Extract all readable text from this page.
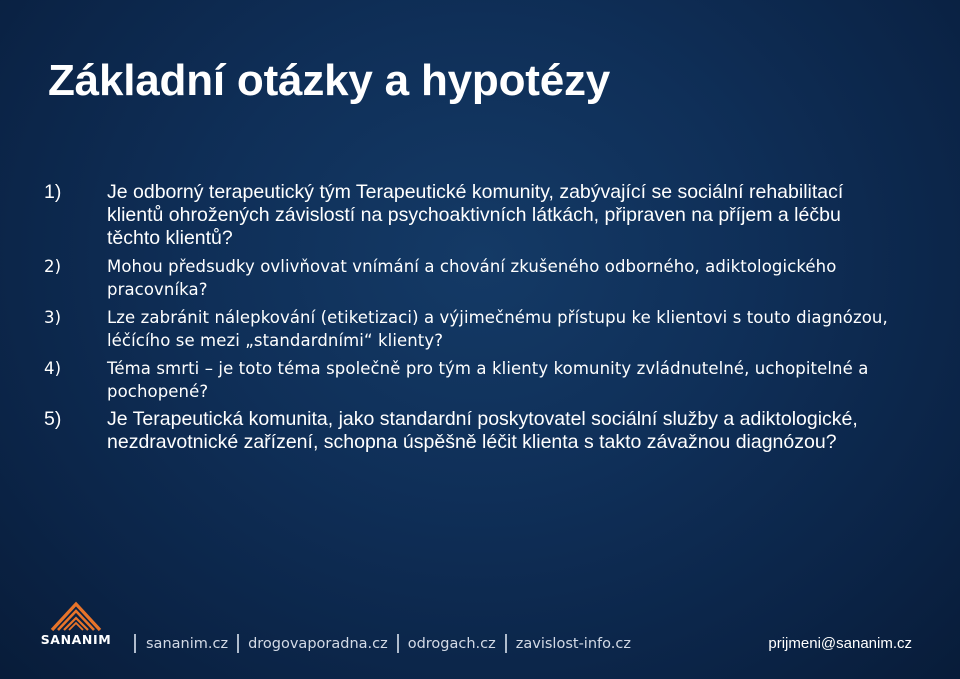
Základní otázky a hypotézy
1)	Je odborný terapeutický tým Terapeutické komunity, zabývající se sociální rehabilitací klientů ohrožených závislostí na psychoaktivních látkách, připraven na příjem a léčbu těchto klientů?
2)	Mohou předsudky ovlivňovat vnímání a chování zkušeného odborného, adiktologického pracovníka?
3)	Lze zabránit nálepkování (etiketizaci) a výjimečnému přístupu ke klientovi s touto diagnózou, léčícího se mezi „standardními“ klienty?
4)	Téma smrti – je toto téma společně pro tým a klienty komunity zvládnutelné, uchopitelné a pochopené?
5)	Je Terapeutická komunita, jako standardní poskytovatel sociální služby a adiktologické, nezdravotnické zařízení, schopna úspěšně léčit klienta s takto závažnou diagnózou?
SANANIM sananim.cz drogovaporadna.cz odrogach.cz zavislost-info.cz	prijmeni@sananim.cz
